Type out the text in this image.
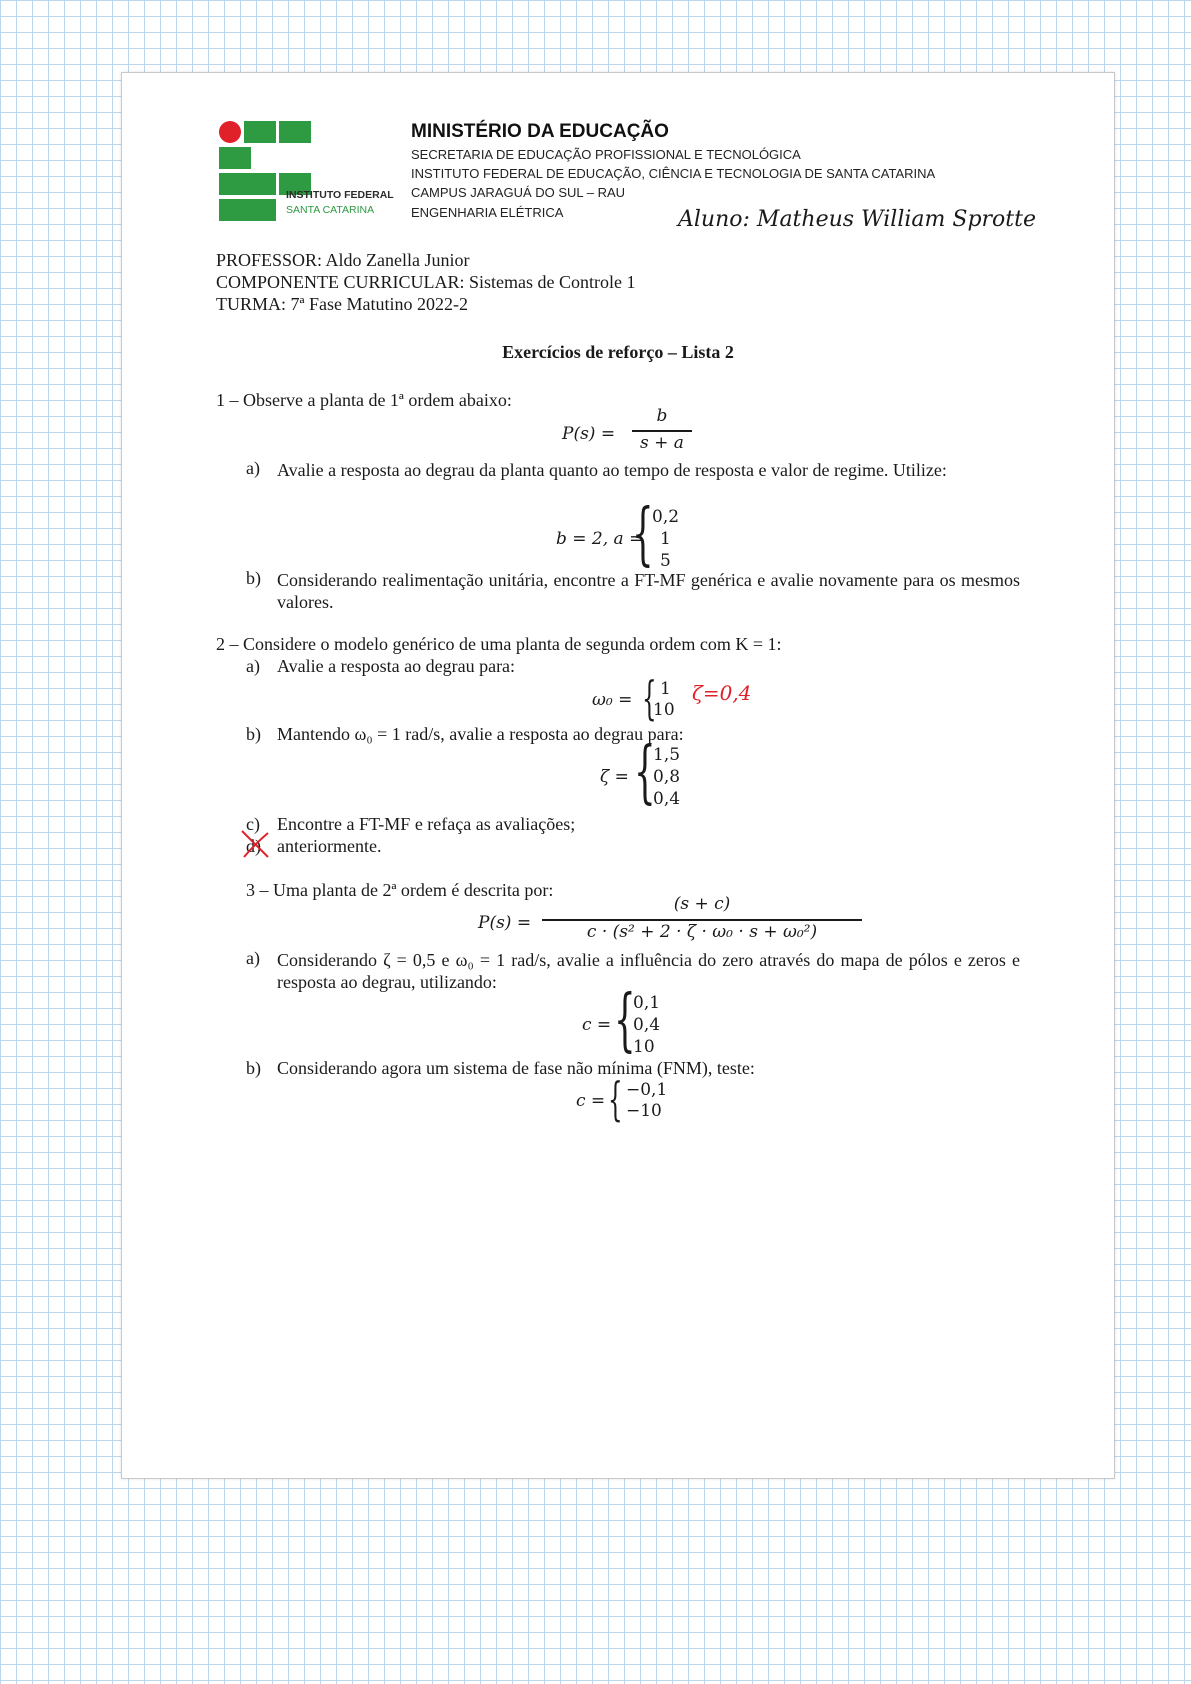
INSTITUTO FEDERAL
SANTA CATARINA
MINISTÉRIO DA EDUCAÇÃO
SECRETARIA DE EDUCAÇÃO PROFISSIONAL E TECNOLÓGICA
INSTITUTO FEDERAL DE EDUCAÇÃO, CIÊNCIA E TECNOLOGIA DE SANTA CATARINA
CAMPUS JARAGUÁ DO SUL – RAU
ENGENHARIA ELÉTRICA	Aluno: Matheus William Sprotte
PROFESSOR: Aldo Zanella Junior
COMPONENTE CURRICULAR: Sistemas de Controle 1
TURMA: 7ª Fase Matutino 2022-2
Exercícios de reforço – Lista 2
1 – Observe a planta de 1ª ordem abaixo:
P(s) =
b
s + a
a) Avalie a resposta ao degrau da planta quanto ao tempo de resposta e valor de regime. Utilize:
b = 2, a =
{
0,2
1
5
b) Considerando realimentação unitária, encontre a FT-MF genérica e avalie novamente para os mesmos valores.
2 – Considere o modelo genérico de uma planta de segunda ordem com K = 1:
a) Avalie a resposta ao degrau para:
ω₀ = { 1
10
ζ=0,4
b) Mantendo ω₀ = 1 rad/s, avalie a resposta ao degrau para:
ζ = {
1,5
0,8
0,4
c) Encontre a FT-MF e refaça as avaliações;
d) anteriormente.
3 – Uma planta de 2ª ordem é descrita por:
P(s) =
(s + c)
c · (s² + 2 · ζ · ω₀ · s + ω₀²)
a) Considerando ζ = 0,5 e ω₀ = 1 rad/s, avalie a influência do zero através do mapa de pólos e zeros e resposta ao degrau, utilizando:
c = {
0,1
0,4
10
b) Considerando agora um sistema de fase não mínima (FNM), teste:
c = { −0,1
−10
